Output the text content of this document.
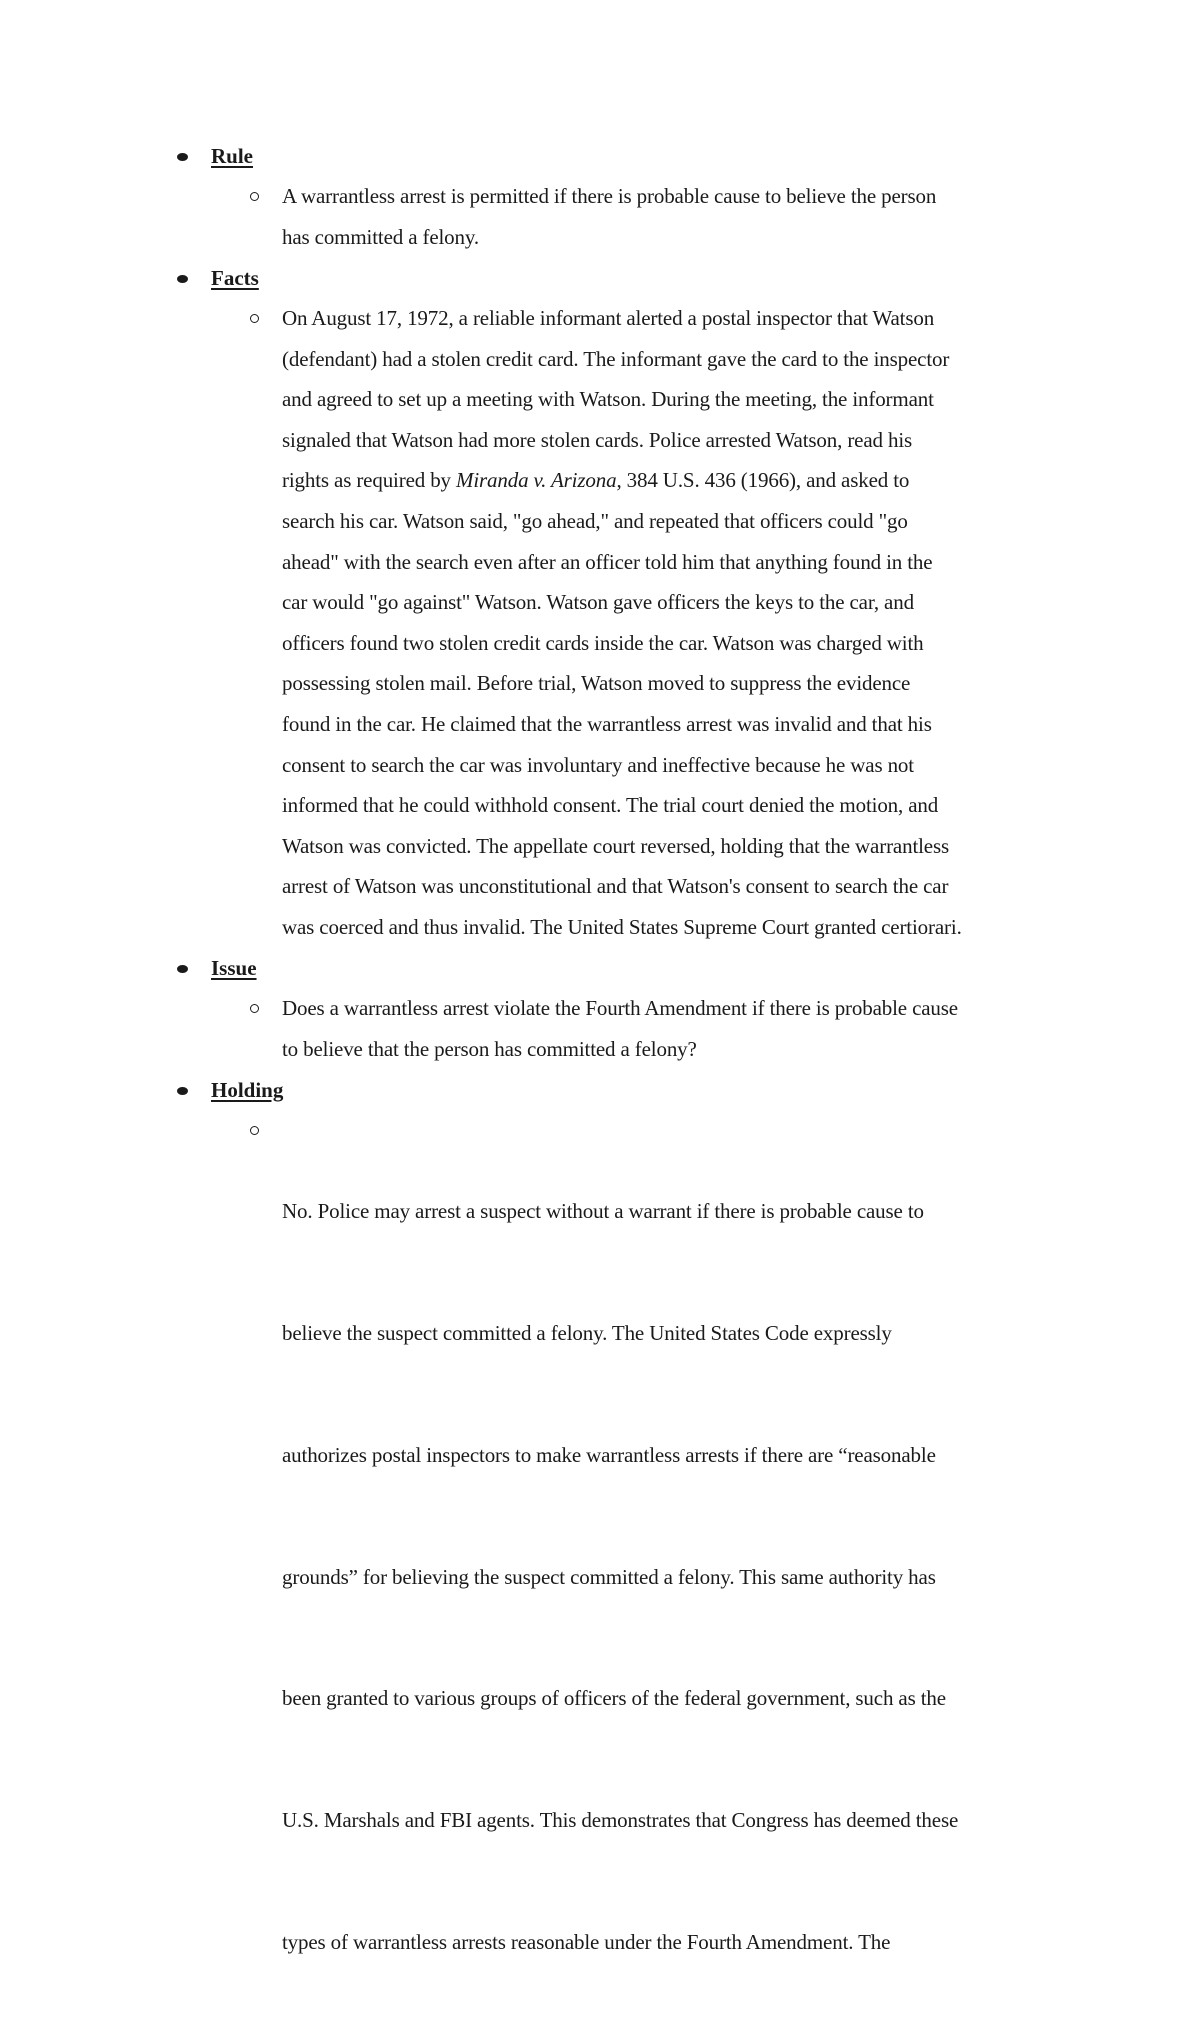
Rule
A warrantless arrest is permitted if there is probable cause to believe the person
has committed a felony.
Facts
On August 17, 1972, a reliable informant alerted a postal inspector that Watson
(defendant) had a stolen credit card. The informant gave the card to the inspector
and agreed to set up a meeting with Watson. During the meeting, the informant
signaled that Watson had more stolen cards. Police arrested Watson, read his
rights as required by Miranda v. Arizona, 384 U.S. 436 (1966), and asked to
search his car. Watson said, "go ahead," and repeated that officers could "go
ahead" with the search even after an officer told him that anything found in the
car would "go against" Watson. Watson gave officers the keys to the car, and
officers found two stolen credit cards inside the car. Watson was charged with
possessing stolen mail. Before trial, Watson moved to suppress the evidence
found in the car. He claimed that the warrantless arrest was invalid and that his
consent to search the car was involuntary and ineffective because he was not
informed that he could withhold consent. The trial court denied the motion, and
Watson was convicted. The appellate court reversed, holding that the warrantless
arrest of Watson was unconstitutional and that Watson's consent to search the car
was coerced and thus invalid. The United States Supreme Court granted certiorari.
Issue
Does a warrantless arrest violate the Fourth Amendment if there is probable cause
to believe that the person has committed a felony?
Holding

No. Police may arrest a suspect without a warrant if there is probable cause to

believe the suspect committed a felony. The United States Code expressly

authorizes postal inspectors to make warrantless arrests if there are “reasonable

grounds” for believing the suspect committed a felony. This same authority has

been granted to various groups of officers of the federal government, such as the

U.S. Marshals and FBI agents. This demonstrates that Congress has deemed these

types of warrantless arrests reasonable under the Fourth Amendment. The
